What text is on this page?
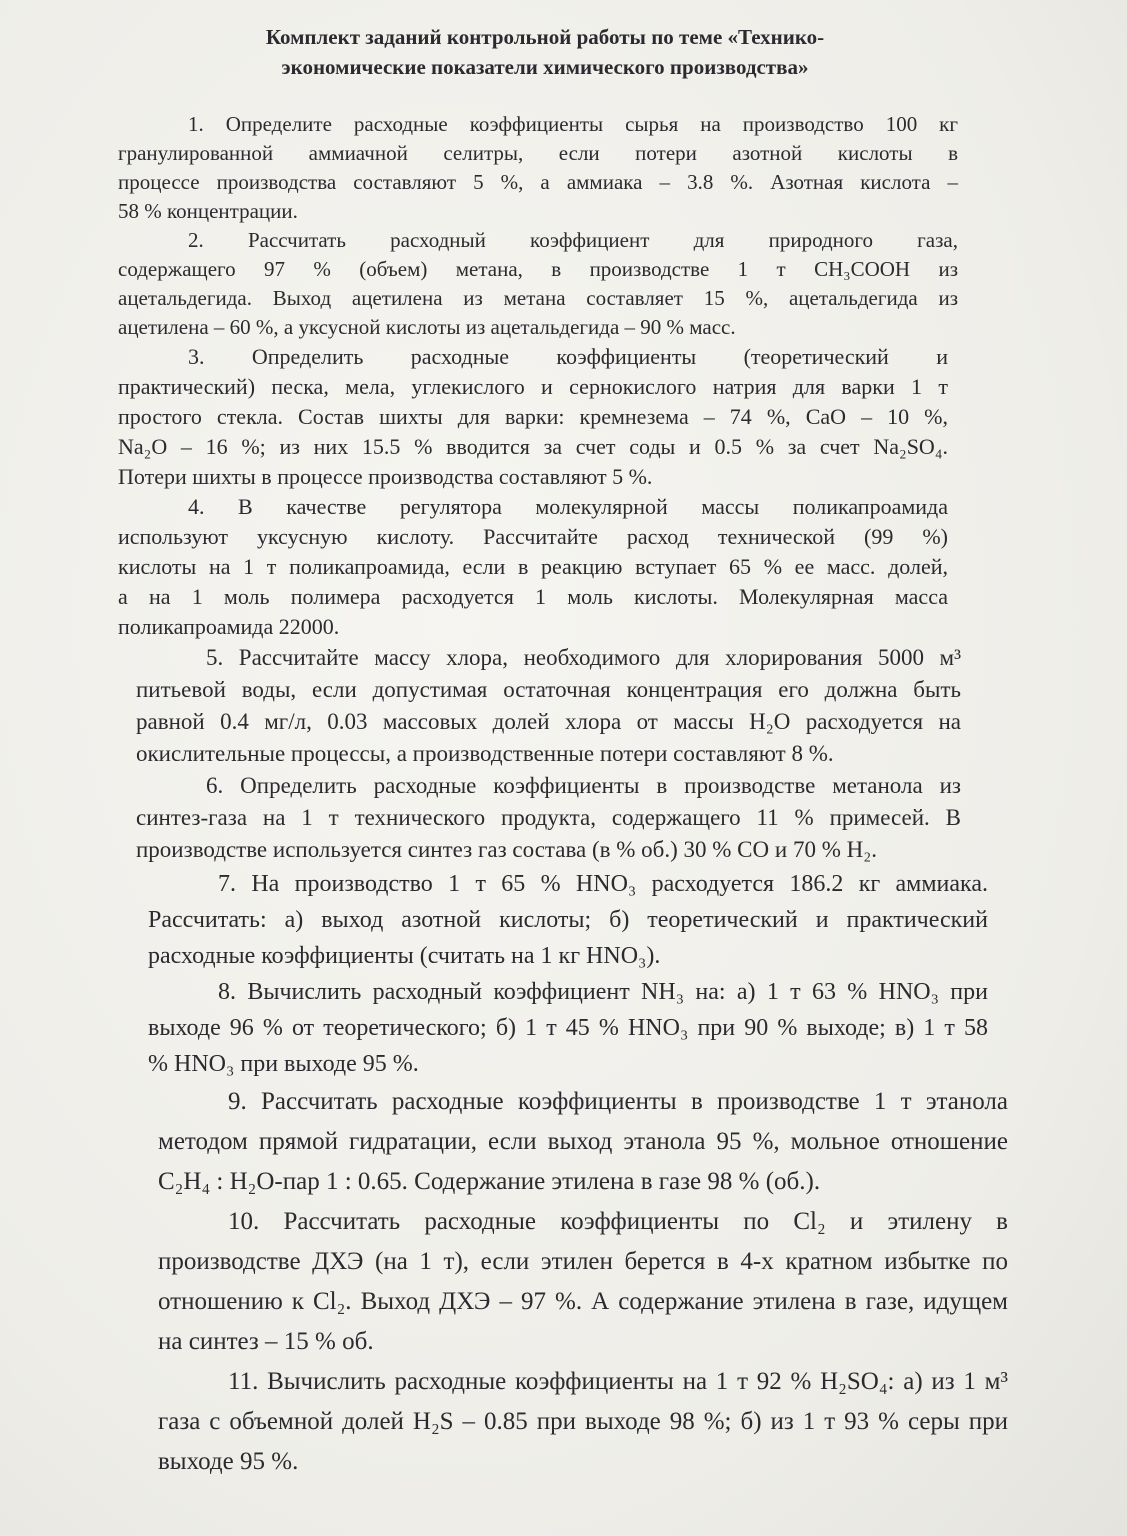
Комплект заданий контрольной работы по теме «Технико-
экономические показатели химического производства»
1. Определите расходные коэффициенты сырья на производство 100 кг
гранулированной аммиачной селитры, если потери азотной кислоты в
процессе производства составляют 5 %, а аммиака – 3.8 %. Азотная кислота –
58 % концентрации.
2. Рассчитать расходный коэффициент для природного газа,
содержащего 97 % (объем) метана, в производстве 1 т CH₃COOH из
ацетальдегида. Выход ацетилена из метана составляет 15 %, ацетальдегида из
ацетилена – 60 %, а уксусной кислоты из ацетальдегида – 90 % масс.
3. Определить расходные коэффициенты (теоретический и
практический) песка, мела, углекислого и сернокислого натрия для варки 1 т
простого стекла. Состав шихты для варки: кремнезема – 74 %, CaO – 10 %,
Na₂O – 16 %; из них 15.5 % вводится за счет соды и 0.5 % за счет Na₂SO₄.
Потери шихты в процессе производства составляют 5 %.
4. В качестве регулятора молекулярной массы поликапроамида
используют уксусную кислоту. Рассчитайте расход технической (99 %)
кислоты на 1 т поликапроамида, если в реакцию вступает 65 % ее масс. долей,
а на 1 моль полимера расходуется 1 моль кислоты. Молекулярная масса
поликапроамида 22000.
5. Рассчитайте массу хлора, необходимого для хлорирования 5000 м³
питьевой воды, если допустимая остаточная концентрация его должна быть
равной 0.4 мг/л, 0.03 массовых долей хлора от массы H₂O расходуется на
окислительные процессы, а производственные потери составляют 8 %.
6. Определить расходные коэффициенты в производстве метанола из
синтез-газа на 1 т технического продукта, содержащего 11 % примесей. В
производстве используется синтез газ состава (в % об.) 30 % CO и 70 % H₂.
7. На производство 1 т 65 % HNO₃ расходуется 186.2 кг аммиака.
Рассчитать: а) выход азотной кислоты; б) теоретический и практический
расходные коэффициенты (считать на 1 кг HNO₃).
8. Вычислить расходный коэффициент NH₃ на: а) 1 т 63 % HNO₃ при
выходе 96 % от теоретического; б) 1 т 45 % HNO₃ при 90 % выходе; в) 1 т 58
% HNO₃ при выходе 95 %.
9. Рассчитать расходные коэффициенты в производстве 1 т этанола
методом прямой гидратации, если выход этанола 95 %, мольное отношение
C₂H₄ : H₂O-пар 1 : 0.65. Содержание этилена в газе 98 % (об.).
10. Рассчитать расходные коэффициенты по Cl₂ и этилену в
производстве ДХЭ (на 1 т), если этилен берется в 4-х кратном избытке по
отношению к Cl₂. Выход ДХЭ – 97 %. А содержание этилена в газе, идущем
на синтез – 15 % об.
11. Вычислить расходные коэффициенты на 1 т 92 % H₂SO₄: а) из 1 м³
газа с объемной долей H₂S – 0.85 при выходе 98 %; б) из 1 т 93 % серы при
выходе 95 %.
